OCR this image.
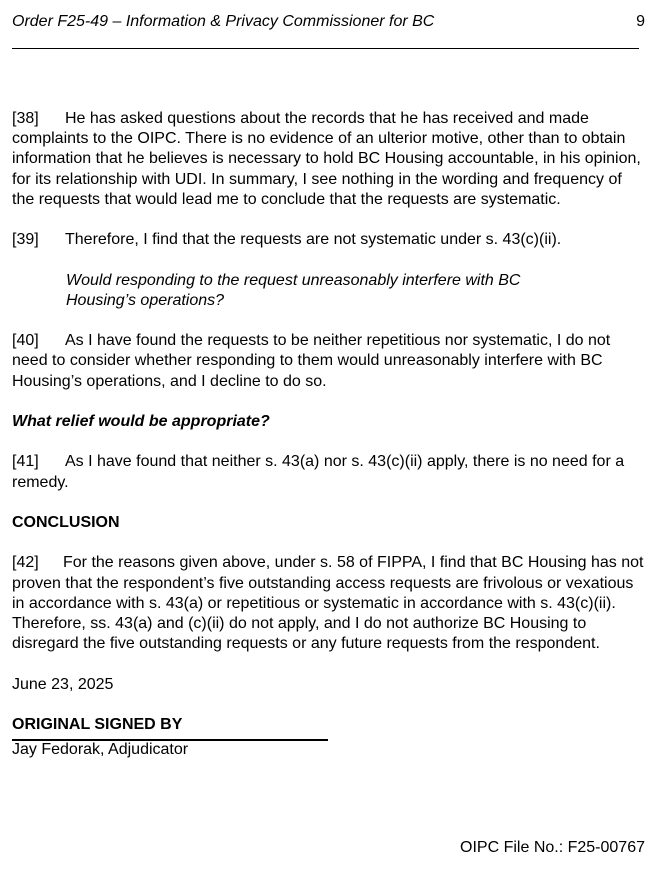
Order F25-49 – Information & Privacy Commissioner for BC	9
[38] He has asked questions about the records that he has received and made complaints to the OIPC. There is no evidence of an ulterior motive, other than to obtain information that he believes is necessary to hold BC Housing accountable, in his opinion, for its relationship with UDI. In summary, I see nothing in the wording and frequency of the requests that would lead me to conclude that the requests are systematic.
[39] Therefore, I find that the requests are not systematic under s. 43(c)(ii).
Would responding to the request unreasonably interfere with BC Housing’s operations?
[40] As I have found the requests to be neither repetitious nor systematic, I do not need to consider whether responding to them would unreasonably interfere with BC Housing’s operations, and I decline to do so.
What relief would be appropriate?
[41] As I have found that neither s. 43(a) nor s. 43(c)(ii) apply, there is no need for a remedy.
CONCLUSION
[42] For the reasons given above, under s. 58 of FIPPA, I find that BC Housing has not proven that the respondent’s five outstanding access requests are frivolous or vexatious in accordance with s. 43(a) or repetitious or systematic in accordance with s. 43(c)(ii). Therefore, ss. 43(a) and (c)(ii) do not apply, and I do not authorize BC Housing to disregard the five outstanding requests or any future requests from the respondent.
June 23, 2025
ORIGINAL SIGNED BY
Jay Fedorak, Adjudicator
OIPC File No.: F25-00767
